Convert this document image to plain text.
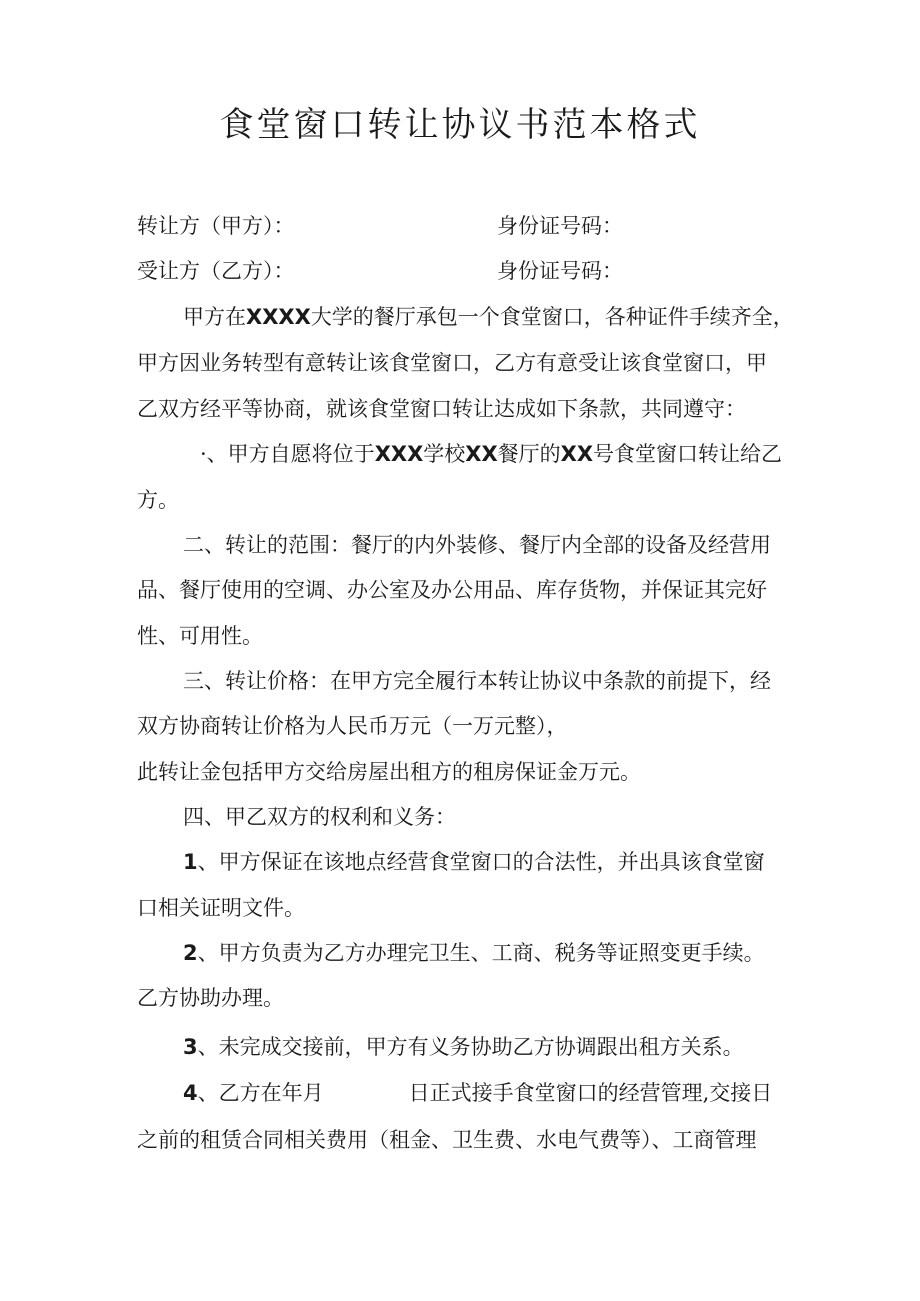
食堂窗口转让协议书范本格式
转让方（甲方）：	身份证号码：
受让方（乙方）：	身份证号码：
甲方在XXXX大学的餐厅承包一个食堂窗口，各种证件手续齐全，
甲方因业务转型有意转让该食堂窗口，乙方有意受让该食堂窗口，甲
乙双方经平等协商，就该食堂窗口转让达成如下条款，共同遵守：
·、甲方自愿将位于XXX学校XX餐厅的XX号食堂窗口转让给乙
方。
二、转让的范围：餐厅的内外装修、餐厅内全部的设备及经营用
品、餐厅使用的空调、办公室及办公用品、库存货物，并保证其完好
性、可用性。
三、转让价格：在甲方完全履行本转让协议中条款的前提下，经
双方协商转让价格为人民币万元（一万元整），
此转让金包括甲方交给房屋出租方的租房保证金万元。
四、甲乙双方的权利和义务：
1、甲方保证在该地点经营食堂窗口的合法性，并出具该食堂窗
口相关证明文件。
2、甲方负责为乙方办理完卫生、工商、税务等证照变更手续。
乙方协助办理。
3、未完成交接前，甲方有义务协助乙方协调跟出租方关系。
4、乙方在年月	日正式接手食堂窗口的经营管理,交接日
之前的租赁合同相关费用（租金、卫生费、水电气费等）、工商管理
